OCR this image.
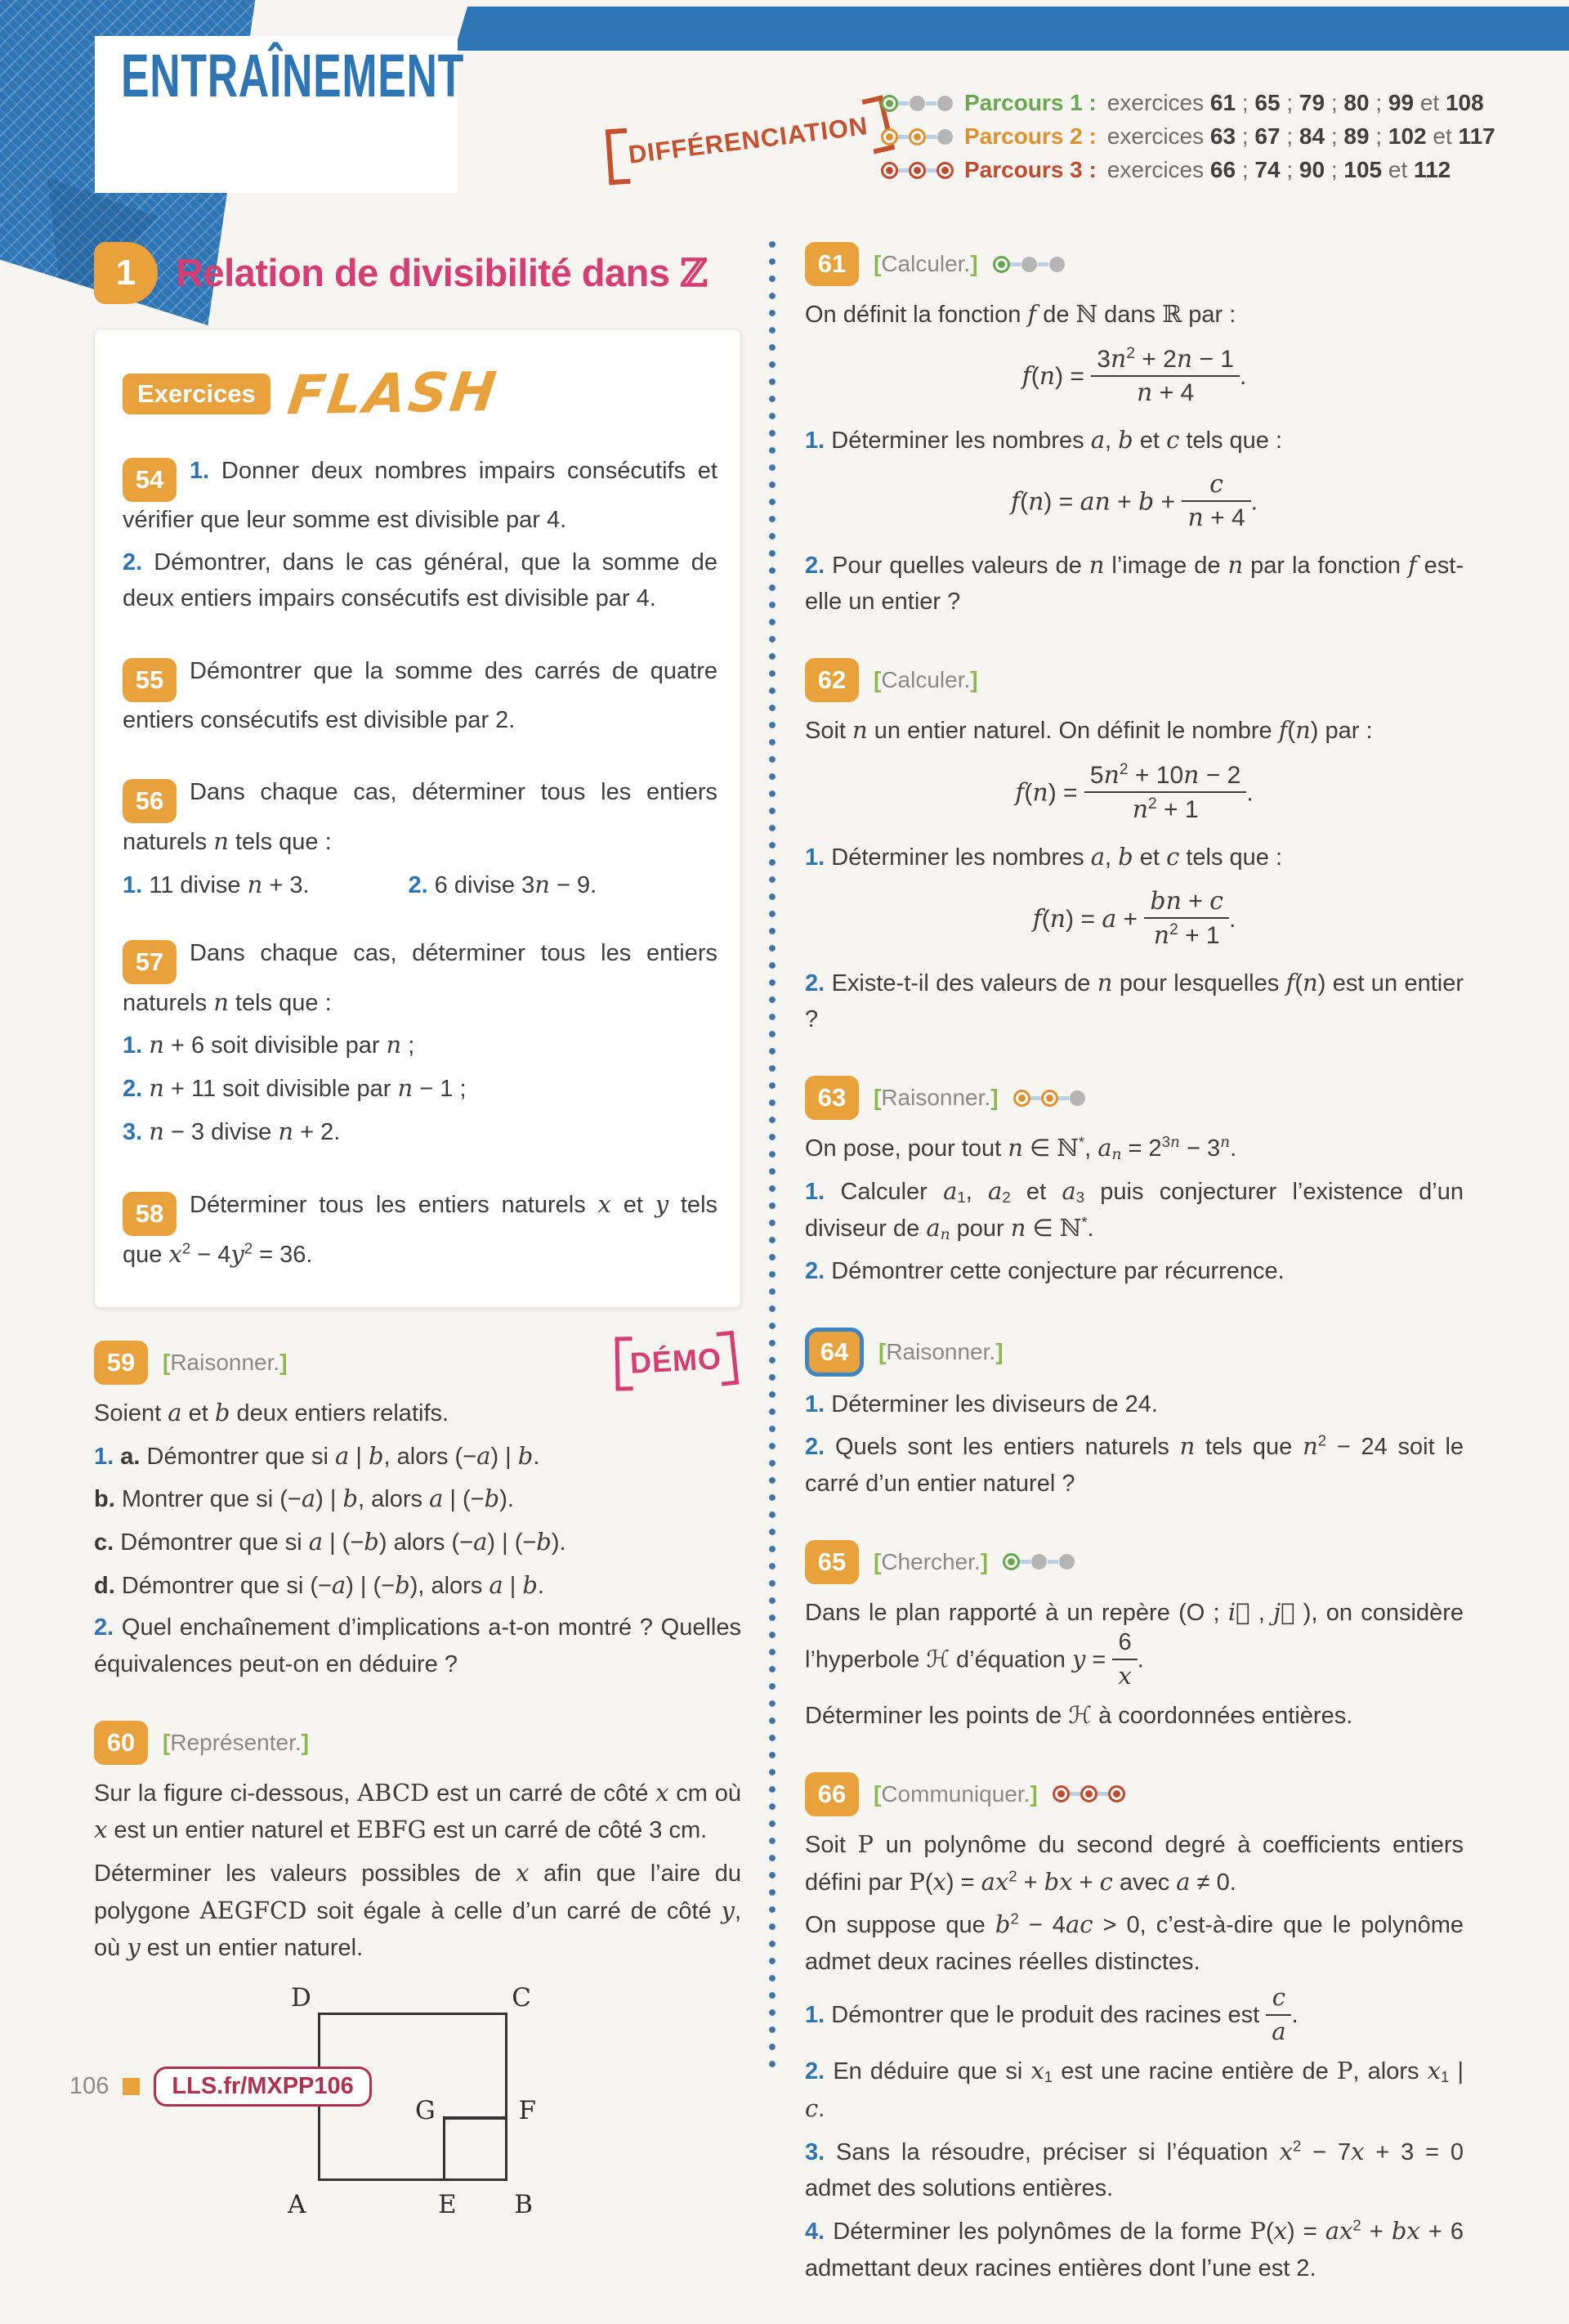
ENTRAÎNEMENT
DIFFÉRENCIATION
Parcours 1 : exercices 61 ; 65 ; 79 ; 80 ; 99 et 108
Parcours 2 : exercices 63 ; 67 ; 84 ; 89 ; 102 et 117
Parcours 3 : exercices 66 ; 74 ; 90 ; 105 et 112
1	Relation de divisibilité dans ℤ
Exercices FLASH
54 1. Donner deux nombres impairs consécutifs et vérifier que leur somme est divisible par 4.
2. Démontrer, dans le cas général, que la somme de deux entiers impairs consécutifs est divisible par 4.
55 Démontrer que la somme des carrés de quatre entiers consécutifs est divisible par 2.
56 Dans chaque cas, déterminer tous les entiers naturels n tels que :
1. 11 divise n + 3.	2. 6 divise 3n − 9.
57 Dans chaque cas, déterminer tous les entiers naturels n tels que :
1. n + 6 soit divisible par n ;
2. n + 11 soit divisible par n − 1 ;
3. n − 3 divise n + 2.
58 Déterminer tous les entiers naturels x et y tels que $x^2 - 4y^2 = 36$.
59	[Raisonner.]	DÉMO
Soient a et b deux entiers relatifs.
1. a. Démontrer que si a | b, alors (−a) | b.
b. Montrer que si (−a) | b, alors a | (−b).
c. Démontrer que si a | (−b) alors (−a) | (−b).
d. Démontrer que si (−a) | (−b), alors a | b.
2. Quel enchaînement d’implications a-t-on montré ? Quelles équivalences peut-on en déduire ?
60	[Représenter.]
Sur la figure ci-dessous, ABCD est un carré de côté x cm où x est un entier naturel et EBFG est un carré de côté 3 cm.
Déterminer les valeurs possibles de x afin que l’aire du polygone AEGFCD soit égale à celle d’un carré de côté y, où y est un entier naturel.
D	C
A	B
E
G	F
61	[Calculer.]
On définit la fonction f de ℕ dans ℝ par :
$f(n) = \frac{3n^2 + 2n - 1}{n + 4}$ .
1. Déterminer les nombres a, b et c tels que :
f(n) = an + $b + \frac{c}{n + 4}$ .
2. Pour quelles valeurs de n l’image de n par la fonction f est-elle un entier ?
62	[Calculer.]
Soit n un entier naturel. On définit le nombre f(n) par :
$f(n) = \frac{5n^2 + 10n - 2}{n^2 + 1}$ .
1. Déterminer les nombres a, b et c tels que :
$f(n) = a + \frac{bn + c}{n^2 + 1}$ .
2. Existe-t-il des valeurs de n pour lesquelles f(n) est un entier ?
63	[Raisonner.]
On pose, pour tout n ∈ ℕ*, $a_n = 2^{3n} - 3^n$.
1. Calculer $a_1$, $a_2$ et $a_3$ puis conjecturer l’existence d’un diviseur de $a_n$ pour n ∈ ℕ*.
2. Démontrer cette conjecture par récurrence.
64	[Raisonner.]
1. Déterminer les diviseurs de 24.
2. Quels sont les entiers naturels n tels que $n^2 - 24$ soit le carré d’un entier naturel ?
65	[Chercher.]
Dans le plan rapporté à un repère (O ; i⃗ , j⃗ ), on considère l’hyperbole ℋ d’équation $y = \frac{6}{x}$ .
Déterminer les points de ℋ à coordonnées entières.
66	[Communiquer.]
Soit P un polynôme du second degré à coefficients entiers défini par $P(x) = ax^2$ + bx + c avec a ≠ 0.
On suppose que $b^2 - 4ac > 0$, c’est-à-dire que le polynôme admet deux racines réelles distinctes.
1. Démontrer que le produit des racines est $\frac{c}{a}$ .
2. En déduire que si $x_1$ est une racine entière de P, alors $x_1$ | c.
3. Sans la résoudre, préciser si l’équation $x^2 - 7x + 3 = 0$ admet des solutions entières.
4. Déterminer les polynômes de la forme $P(x) = ax^2$ + bx + 6 admettant deux racines entières dont l’une est 2.
106	LLS.fr/MXPP106
